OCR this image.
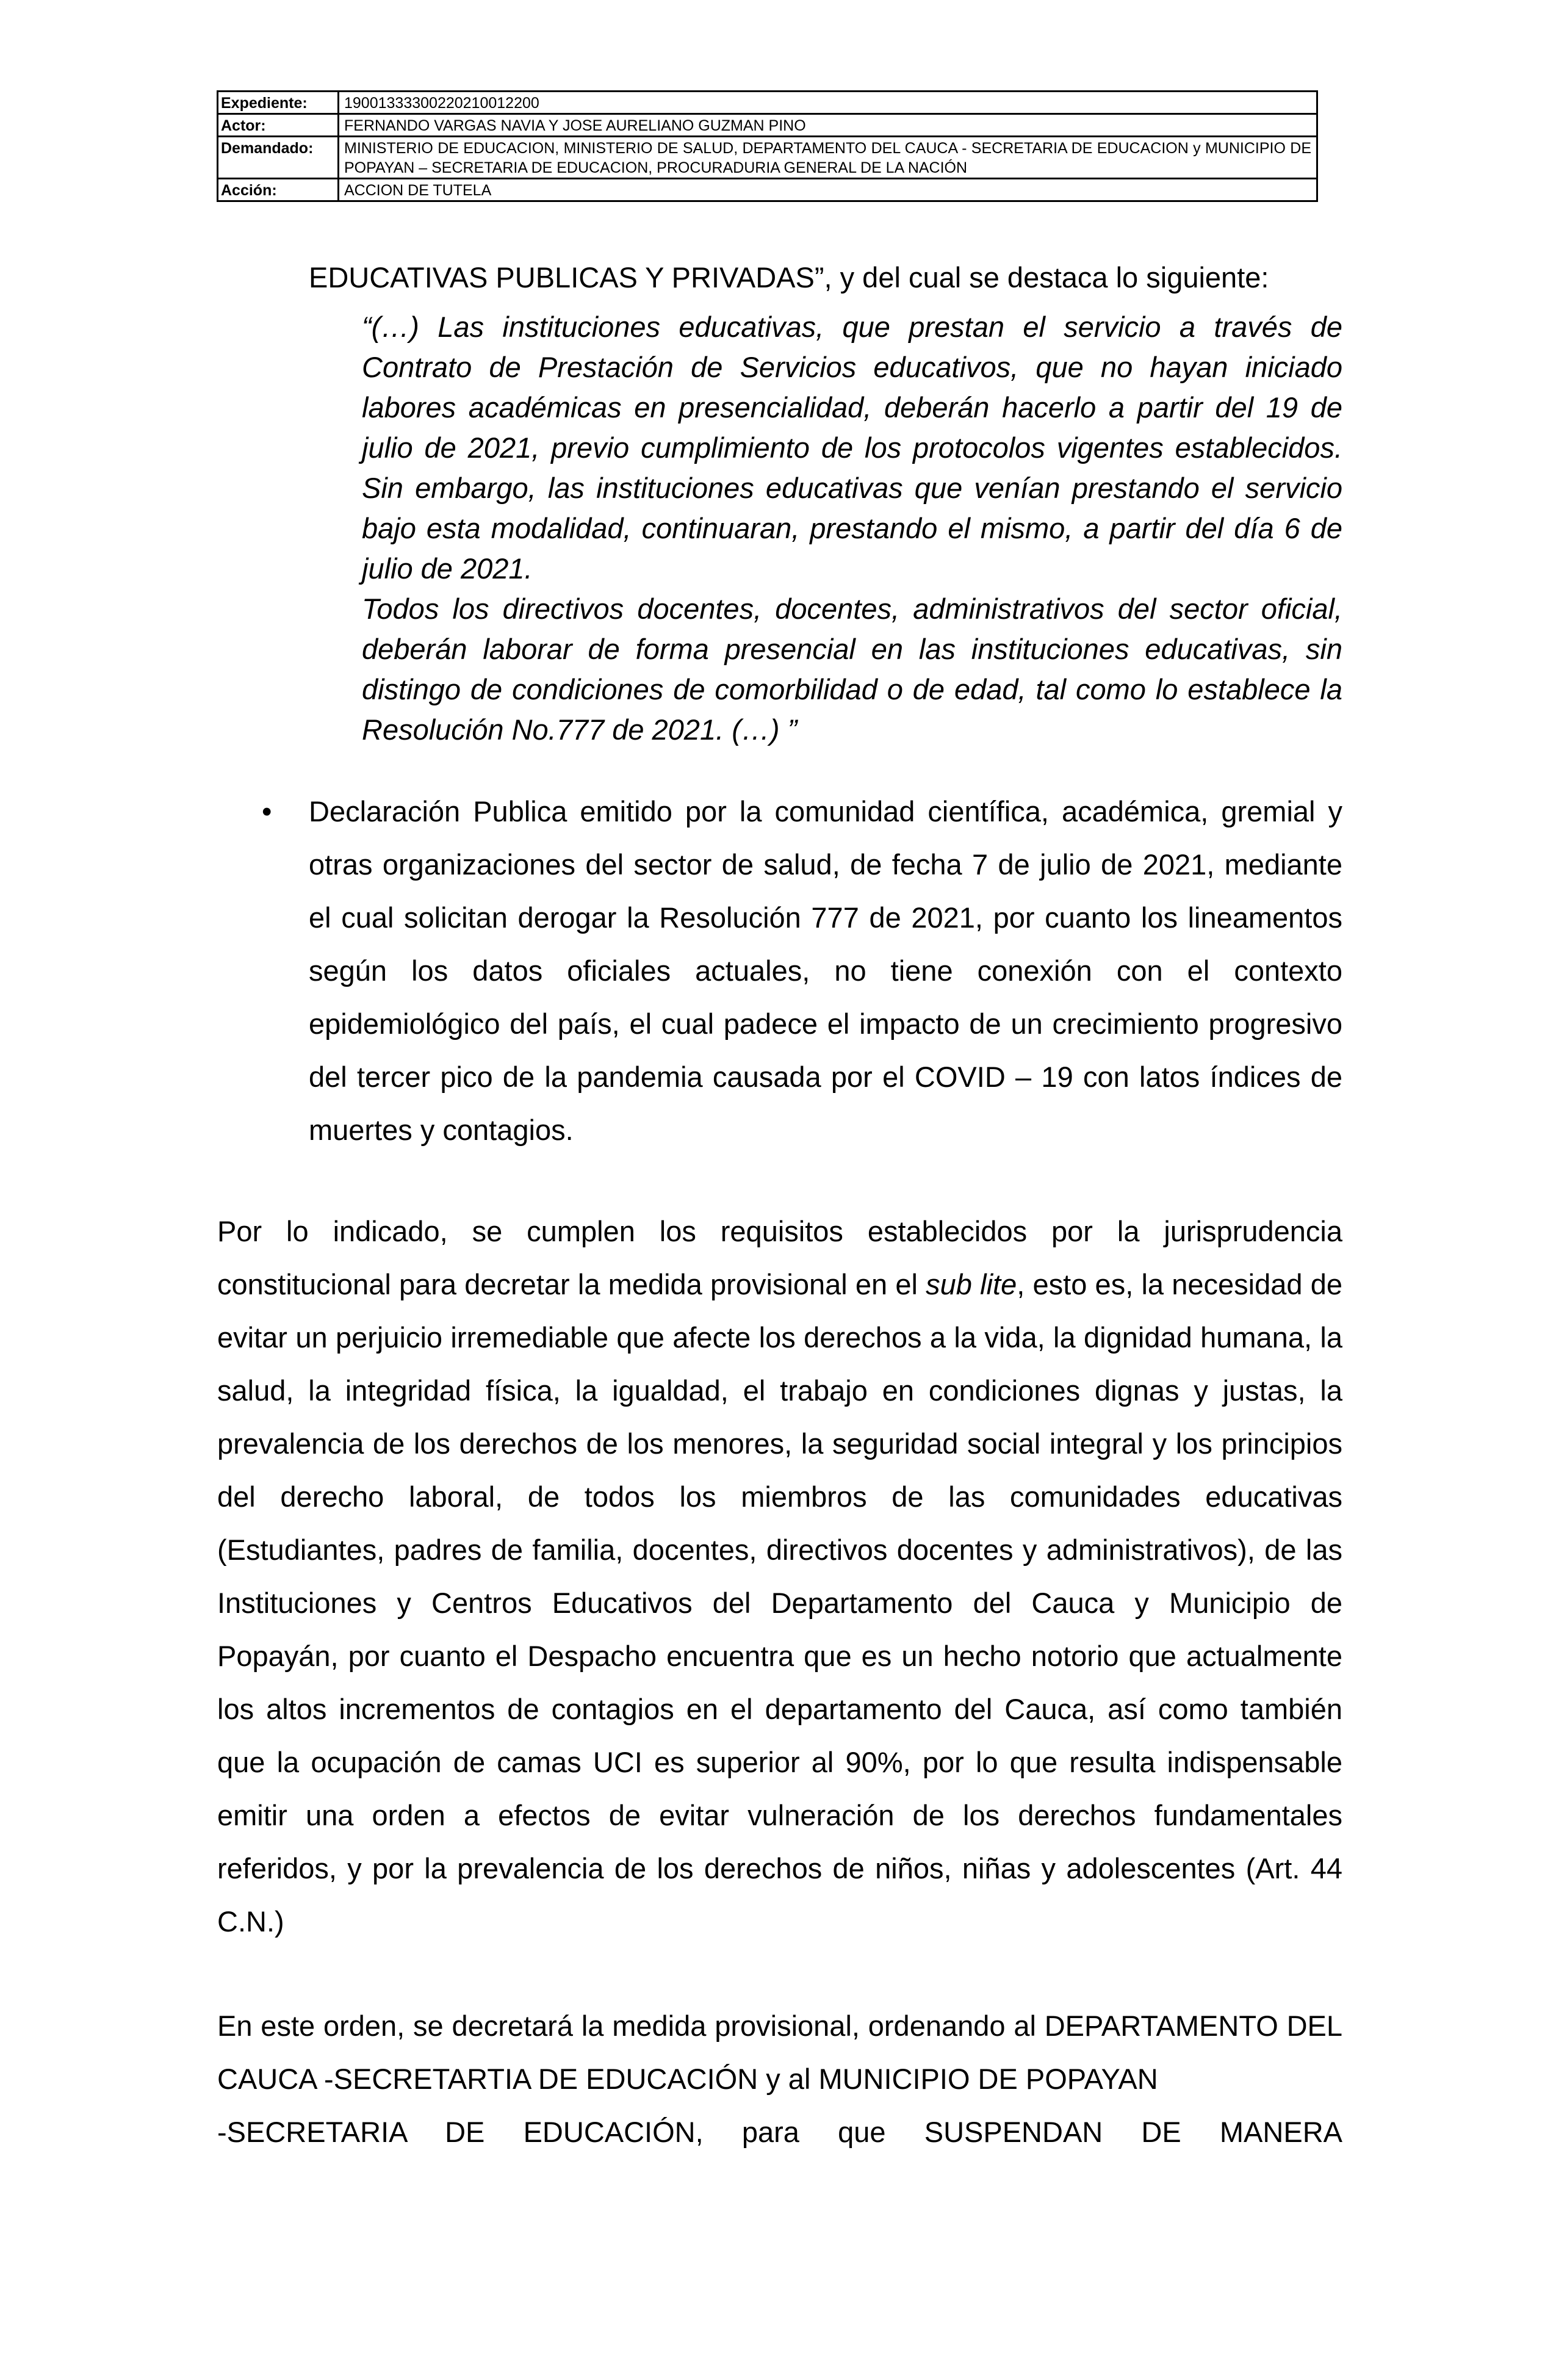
Expediente:	19001333300220210012200
Actor:	FERNANDO VARGAS NAVIA Y JOSE AURELIANO GUZMAN PINO
Demandado:	MINISTERIO DE EDUCACION, MINISTERIO DE SALUD, DEPARTAMENTO DEL CAUCA - SECRETARIA DE EDUCACION y MUNICIPIO DE POPAYAN – SECRETARIA DE EDUCACION, PROCURADURIA GENERAL DE LA NACIÓN
Acción:	ACCION DE TUTELA
EDUCATIVAS PUBLICAS Y PRIVADAS”, y del cual se destaca lo siguiente:

“(…) Las instituciones educativas, que prestan el servicio a través de Contrato de Prestación de Servicios educativos, que no hayan iniciado labores académicas en presencialidad, deberán hacerlo a partir del 19 de julio de 2021, previo cumplimiento de los protocolos vigentes establecidos. Sin embargo, las instituciones educativas que venían prestando el servicio bajo esta modalidad, continuaran, prestando el mismo, a partir del día 6 de julio de 2021.

Todos los directivos docentes, docentes, administrativos del sector oficial, deberán laborar de forma presencial en las instituciones educativas, sin distingo de condiciones de comorbilidad o de edad, tal como lo establece la Resolución No.777 de 2021. (…) ”

• Declaración Publica emitido por la comunidad científica, académica, gremial y otras organizaciones del sector de salud, de fecha 7 de julio de 2021, mediante el cual solicitan derogar la Resolución 777 de 2021, por cuanto los lineamentos según los datos oficiales actuales, no tiene conexión con el contexto epidemiológico del país, el cual padece el impacto de un crecimiento progresivo del tercer pico de la pandemia causada por el COVID – 19 con latos índices de muertes y contagios.
Por lo indicado, se cumplen los requisitos establecidos por la jurisprudencia constitucional para decretar la medida provisional en el sub lite, esto es, la necesidad de evitar un perjuicio irremediable que afecte los derechos a la vida, la dignidad humana, la salud, la integridad física, la igualdad, el trabajo en condiciones dignas y justas, la prevalencia de los derechos de los menores, la seguridad social integral y los principios del derecho laboral, de todos los miembros de las comunidades educativas (Estudiantes, padres de familia, docentes, directivos docentes y administrativos), de las Instituciones y Centros Educativos del Departamento del Cauca y Municipio de Popayán, por cuanto el Despacho encuentra que es un hecho notorio que actualmente los altos incrementos de contagios en el departamento del Cauca, así como también que la ocupación de camas UCI es superior al 90%, por lo que resulta indispensable emitir una orden a efectos de evitar vulneración de los derechos fundamentales referidos, y por la prevalencia de los derechos de niños, niñas y adolescentes (Art. 44 C.N.)
En este orden, se decretará la medida provisional, ordenando al DEPARTAMENTO DEL CAUCA -SECRETARTIA DE EDUCACIÓN y al MUNICIPIO DE POPAYAN
-SECRETARIA DE EDUCACIÓN, para que SUSPENDAN DE MANERA
